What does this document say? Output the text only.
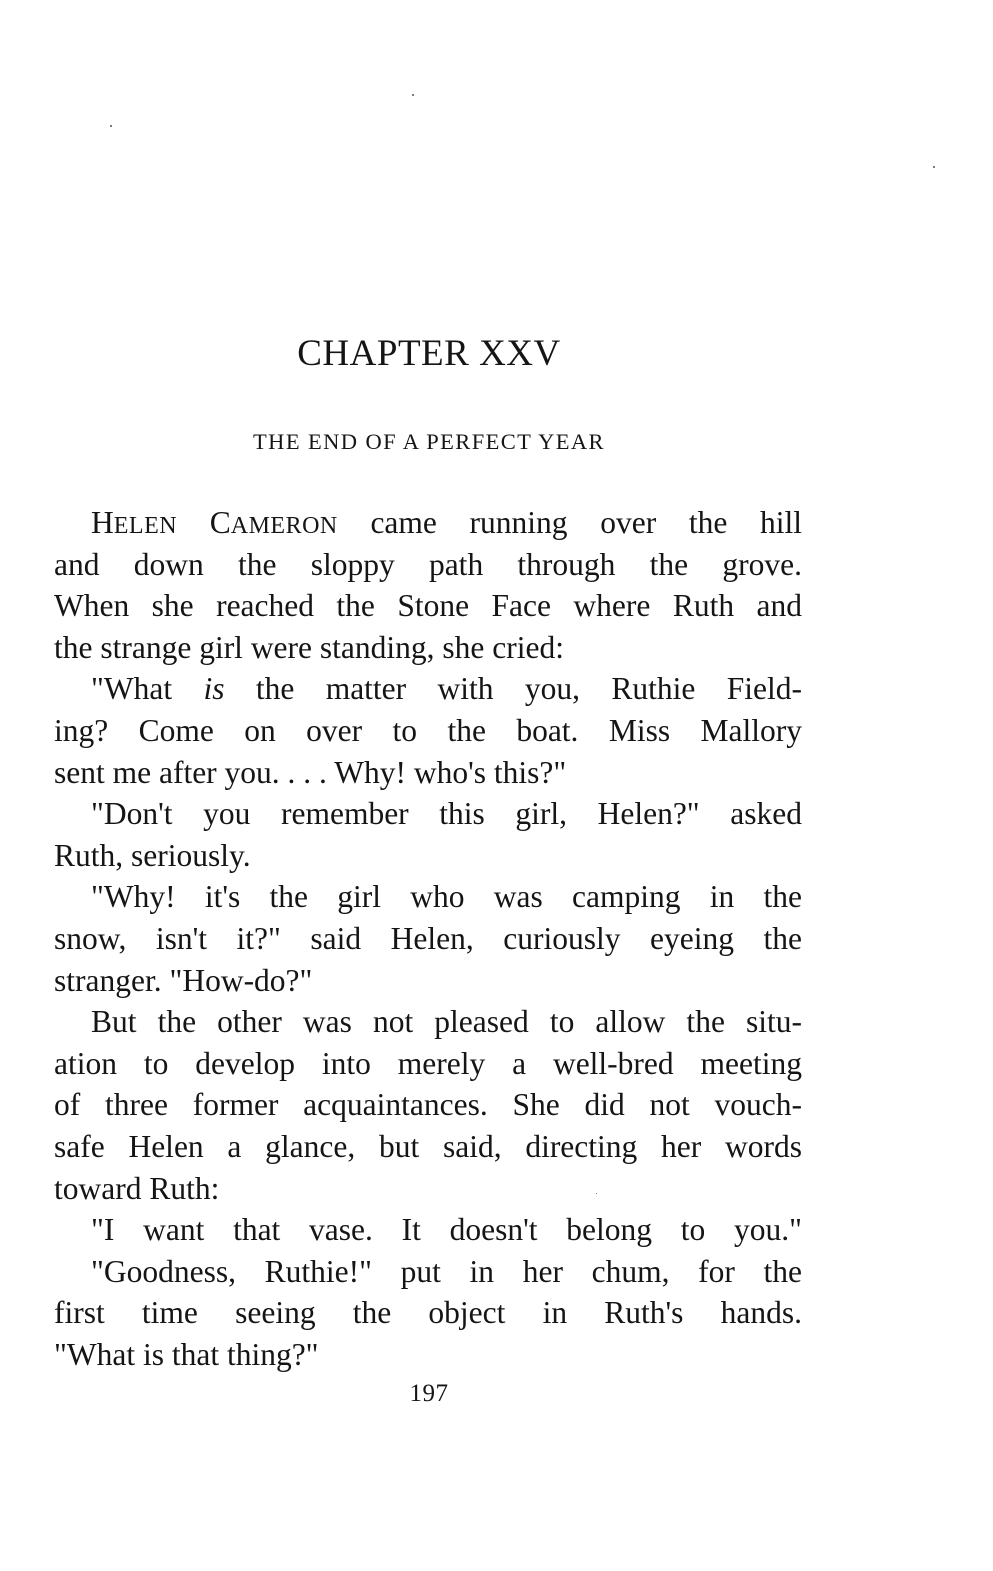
CHAPTER XXV
THE END OF A PERFECT YEAR
HELEN CAMERON came running over the hill
and down the sloppy path through the grove.
When she reached the Stone Face where Ruth and
the strange girl were standing, she cried:
"What is the matter with you, Ruthie Field-
ing? Come on over to the boat. Miss Mallory
sent me after you. . . . Why! who's this?"
"Don't you remember this girl, Helen?" asked
Ruth, seriously.
"Why! it's the girl who was camping in the
snow, isn't it?" said Helen, curiously eyeing the
stranger. "How-do?"
But the other was not pleased to allow the situ-
ation to develop into merely a well-bred meeting
of three former acquaintances. She did not vouch-
safe Helen a glance, but said, directing her words
toward Ruth:
"I want that vase. It doesn't belong to you."
"Goodness, Ruthie!" put in her chum, for the
first time seeing the object in Ruth's hands.
"What is that thing?"
197
